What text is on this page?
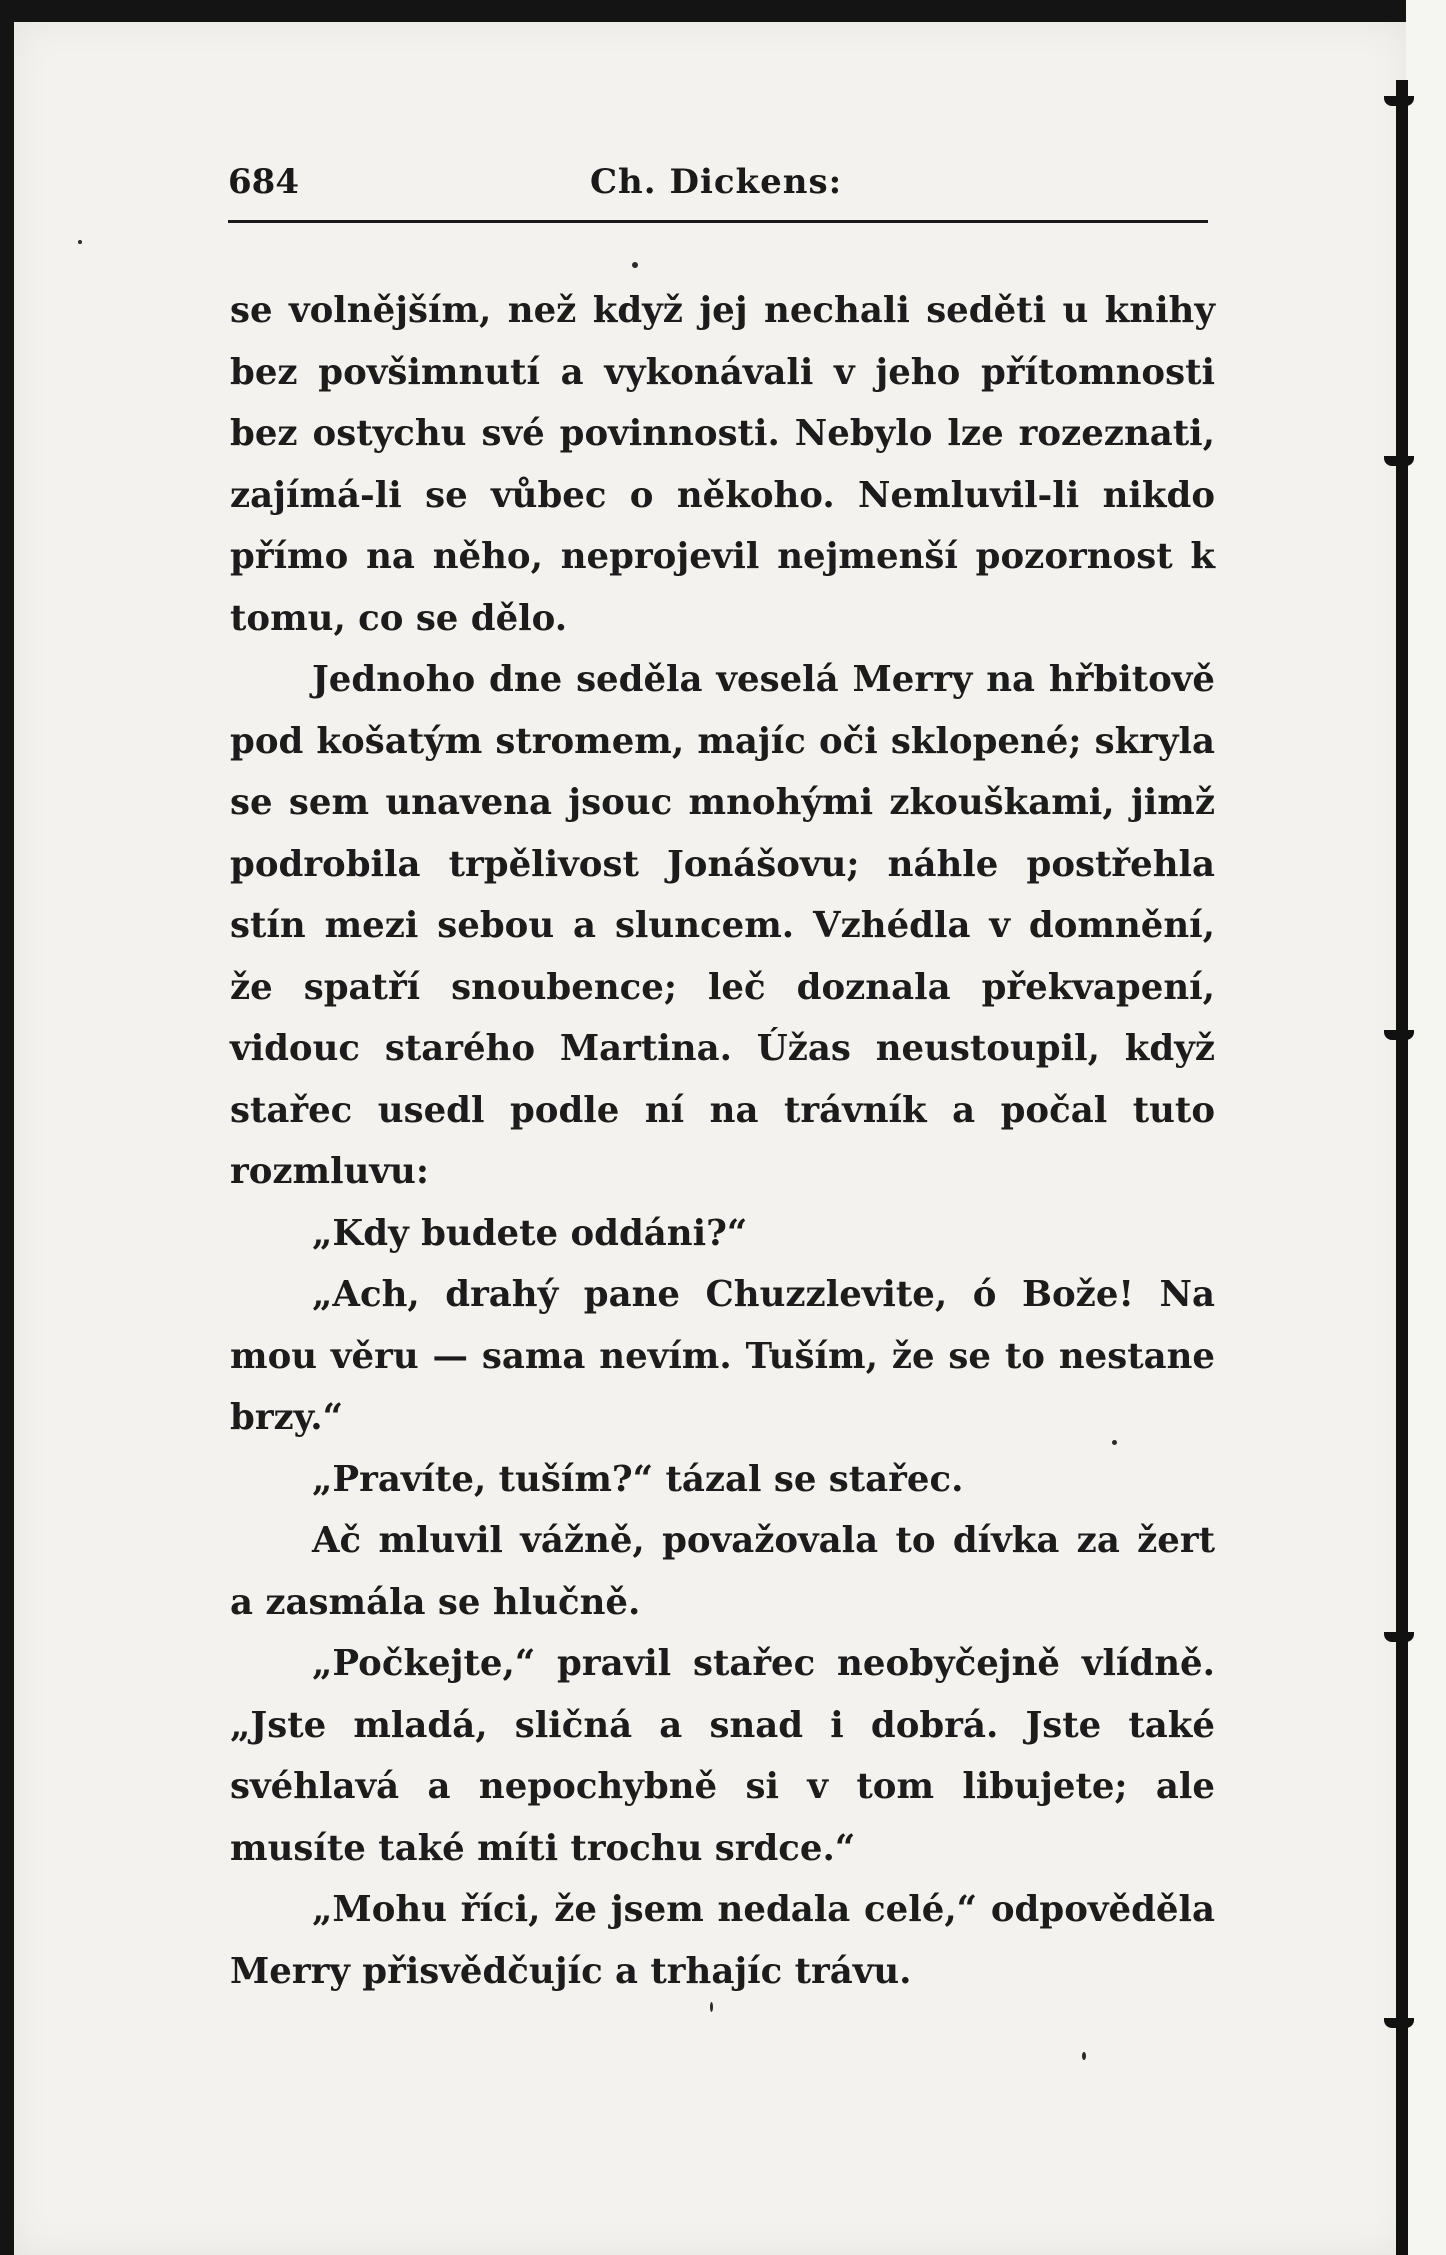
684	Ch. Dickens:

se volnějším, než když jej nechali seděti u knihy bez povšimnutí a vykonávali v jeho přítomnosti bez ostychu své povinnosti. Nebylo lze rozeznati, zajímá-li se vůbec o někoho. Nemluvil-li nikdo přímo na něho, neprojevil nejmenší pozornost k tomu, co se dělo.

Jednoho dne seděla veselá Merry na hřbitově pod košatým stromem, majíc oči sklopené; skryla se sem unavena jsouc mnohými zkouškami, jimž podrobila trpělivost Jonášovu; náhle postřehla stín mezi sebou a sluncem. Vzhédla v domnění, že spatří snoubence; leč doznala překvapení, vidouc starého Martina. Úžas neustoupil, když stařec usedl podle ní na trávník a počal tuto rozmluvu:

„Kdy budete oddáni?“

„Ach, drahý pane Chuzzlevite, ó Bože! Na mou věru — sama nevím. Tuším, že se to nestane brzy.“

„Pravíte, tuším?“ tázal se stařec.

Ač mluvil vážně, považovala to dívka za žert a zasmála se hlučně.

„Počkejte,“ pravil stařec neobyčejně vlídně. „Jste mladá, sličná a snad i dobrá. Jste také svéhlavá a nepochybně si v tom libujete; ale musíte také míti trochu srdce.“

„Mohu říci, že jsem nedala celé,“ odpověděla Merry přisvědčujíc a trhajíc trávu.
